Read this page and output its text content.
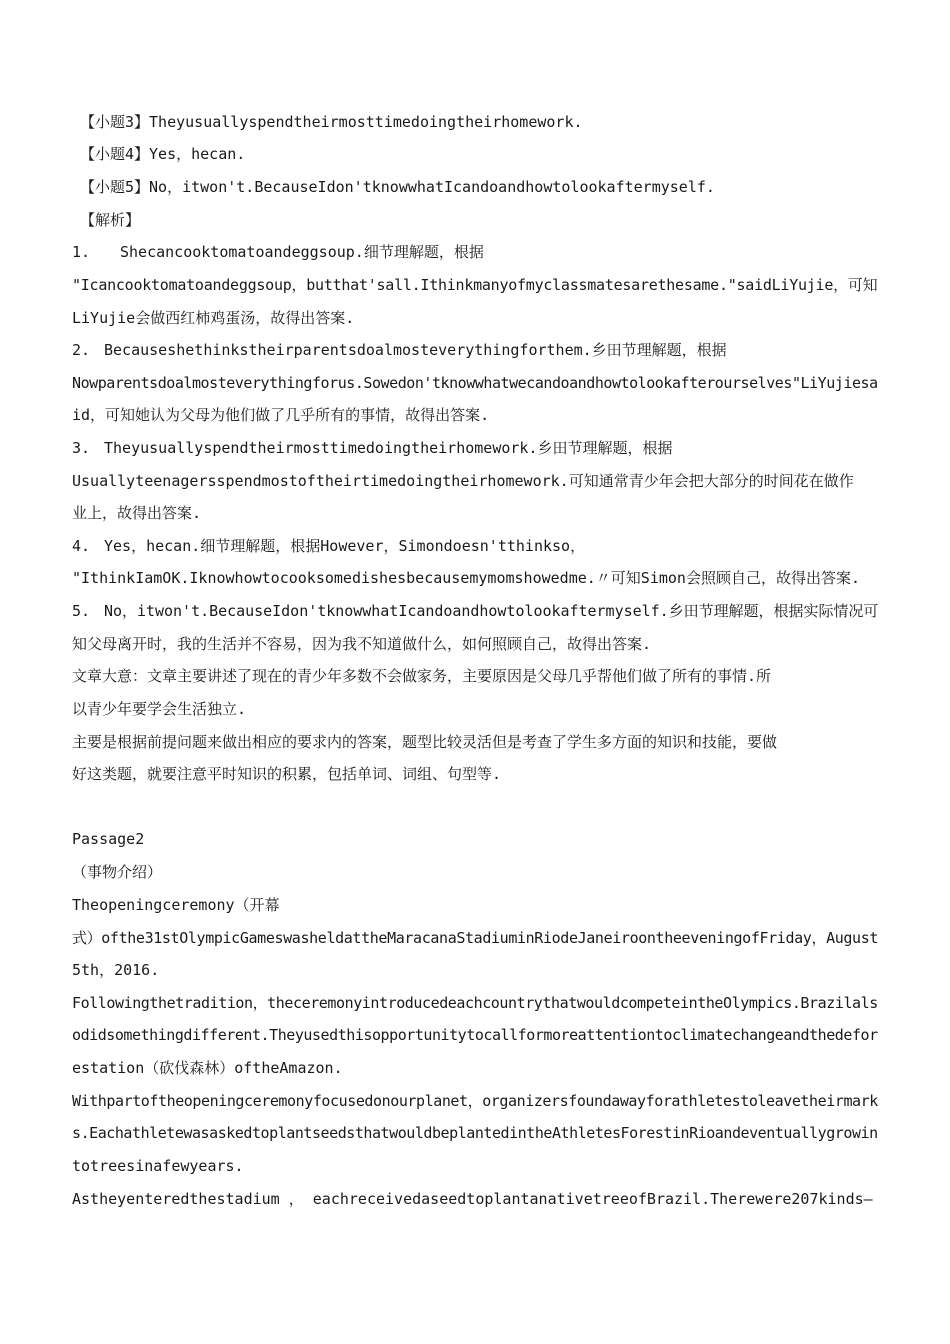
【小题3】Theyusuallyspendtheirmosttimedoingtheirhomework.
【小题4】Yes，hecan.
【小题5】No，itwon't.BecauseIdon'tknowwhatIcandoandhowtolookaftermyself.
【解析】
1. Shecancooktomatoandeggsoup.细节理解题，根据
"Icancooktomatoandeggsoup，butthat'sall.Ithinkmanyofmyclassmatesarethesame."saidLiYujie，可知
LiYujie会做西红柿鸡蛋汤，故得出答案.
2. Becauseshethinkstheirparentsdoalmosteverythingforthem.乡田节理解题，根据
Nowparentsdoalmosteverythingforus.Sowedon'tknowwhatwecandoandhowtolookafterourselves"LiYujiesa
id，可知她认为父母为他们做了几乎所有的事情，故得出答案.
3. Theyusuallyspendtheirmosttimedoingtheirhomework.乡田节理解题，根据
Usuallyteenagersspendmostoftheirtimedoingtheirhomework.可知通常青少年会把大部分的时间花在做作
业上，故得出答案.
4. Yes，hecan.细节理解题，根据However，Simondoesn'tthinkso，
"IthinkIamOK.Iknowhowtocooksomedishesbecausemymomshowedme.〃可知Simon会照顾自己，故得出答案.
5. No，itwon't.BecauseIdon'tknowwhatIcandoandhowtolookaftermyself.乡田节理解题，根据实际情况可
知父母离开时，我的生活并不容易，因为我不知道做什么，如何照顾自己，故得出答案.
文章大意：文章主要讲述了现在的青少年多数不会做家务，主要原因是父母几乎帮他们做了所有的事情.所
以青少年要学会生活独立.
主要是根据前提问题来做出相应的要求内的答案，题型比较灵活但是考查了学生多方面的知识和技能，要做
好这类题，就要注意平时知识的积累，包括单词、词组、句型等.
Passage2
（事物介绍）
Theopeningceremony（开幕
式）ofthe31stOlympicGameswasheldattheMaracanaStadiuminRiodeJaneiroontheeveningofFriday，August
5th，2016.
Followingthetradition，theceremonyintroducedeachcountrythatwouldcompeteintheOlympics.Brazilals
odidsomethingdifferent.Theyusedthisopportunitytocallformoreattentiontoclimatechangeandthedefor
estation（砍伐森林）oftheAmazon.
Withpartoftheopeningceremonyfocusedonourplanet，organizersfoundawayforathletestoleavetheirmark
s.EachathletewasaskedtoplantseedsthatwouldbeplantedintheAthletesForestinRioandeventuallygrowin
totreesinafewyears.
Astheyenteredthestadium ， eachreceivedaseedtoplantanativetreeofBrazil.Therewere207kinds—
